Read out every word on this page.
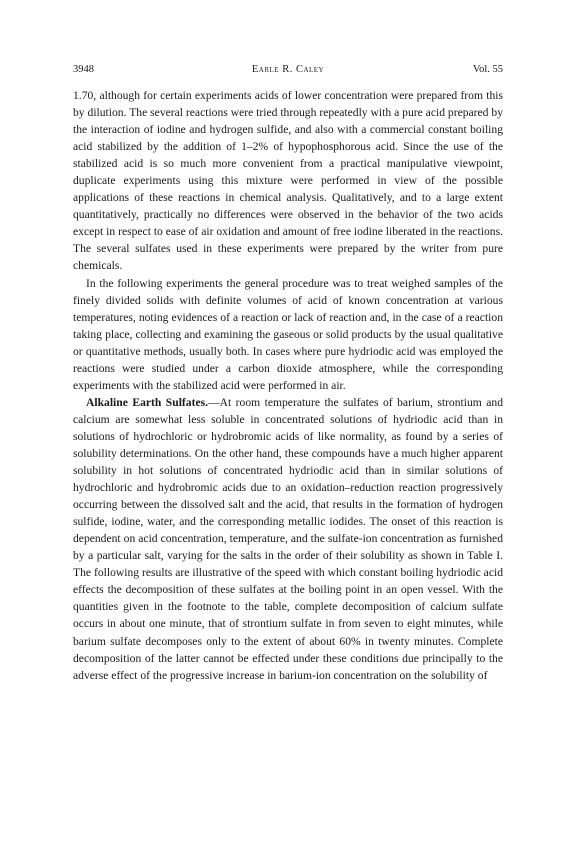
3948	Earle R. Caley	Vol. 55

1.70, although for certain experiments acids of lower concentration were prepared from this by dilution. The several reactions were tried through repeatedly with a pure acid prepared by the interaction of iodine and hydrogen sulfide, and also with a commercial constant boiling acid stabilized by the addition of 1–2% of hypophosphorous acid. Since the use of the stabilized acid is so much more convenient from a practical manipulative viewpoint, duplicate experiments using this mixture were performed in view of the possible applications of these reactions in chemical analysis. Qualitatively, and to a large extent quantitatively, practically no differences were observed in the behavior of the two acids except in respect to ease of air oxidation and amount of free iodine liberated in the reactions. The several sulfates used in these experiments were prepared by the writer from pure chemicals.

In the following experiments the general procedure was to treat weighed samples of the finely divided solids with definite volumes of acid of known concentration at various temperatures, noting evidences of a reaction or lack of reaction and, in the case of a reaction taking place, collecting and examining the gaseous or solid products by the usual qualitative or quantitative methods, usually both. In cases where pure hydriodic acid was employed the reactions were studied under a carbon dioxide atmosphere, while the corresponding experiments with the stabilized acid were performed in air.

Alkaline Earth Sulfates.—At room temperature the sulfates of barium, strontium and calcium are somewhat less soluble in concentrated solutions of hydriodic acid than in solutions of hydrochloric or hydrobromic acids of like normality, as found by a series of solubility determinations. On the other hand, these compounds have a much higher apparent solubility in hot solutions of concentrated hydriodic acid than in similar solutions of hydrochloric and hydrobromic acids due to an oxidation–reduction reaction progressively occurring between the dissolved salt and the acid, that results in the formation of hydrogen sulfide, iodine, water, and the corresponding metallic iodides. The onset of this reaction is dependent on acid concentration, temperature, and the sulfate-ion concentration as furnished by a particular salt, varying for the salts in the order of their solubility as shown in Table I. The following results are illustrative of the speed with which constant boiling hydriodic acid effects the decomposition of these sulfates at the boiling point in an open vessel. With the quantities given in the footnote to the table, complete decomposition of calcium sulfate occurs in about one minute, that of strontium sulfate in from seven to eight minutes, while barium sulfate decomposes only to the extent of about 60% in twenty minutes. Complete decomposition of the latter cannot be effected under these conditions due principally to the adverse effect of the progressive increase in barium-ion concentration on the solubility of
